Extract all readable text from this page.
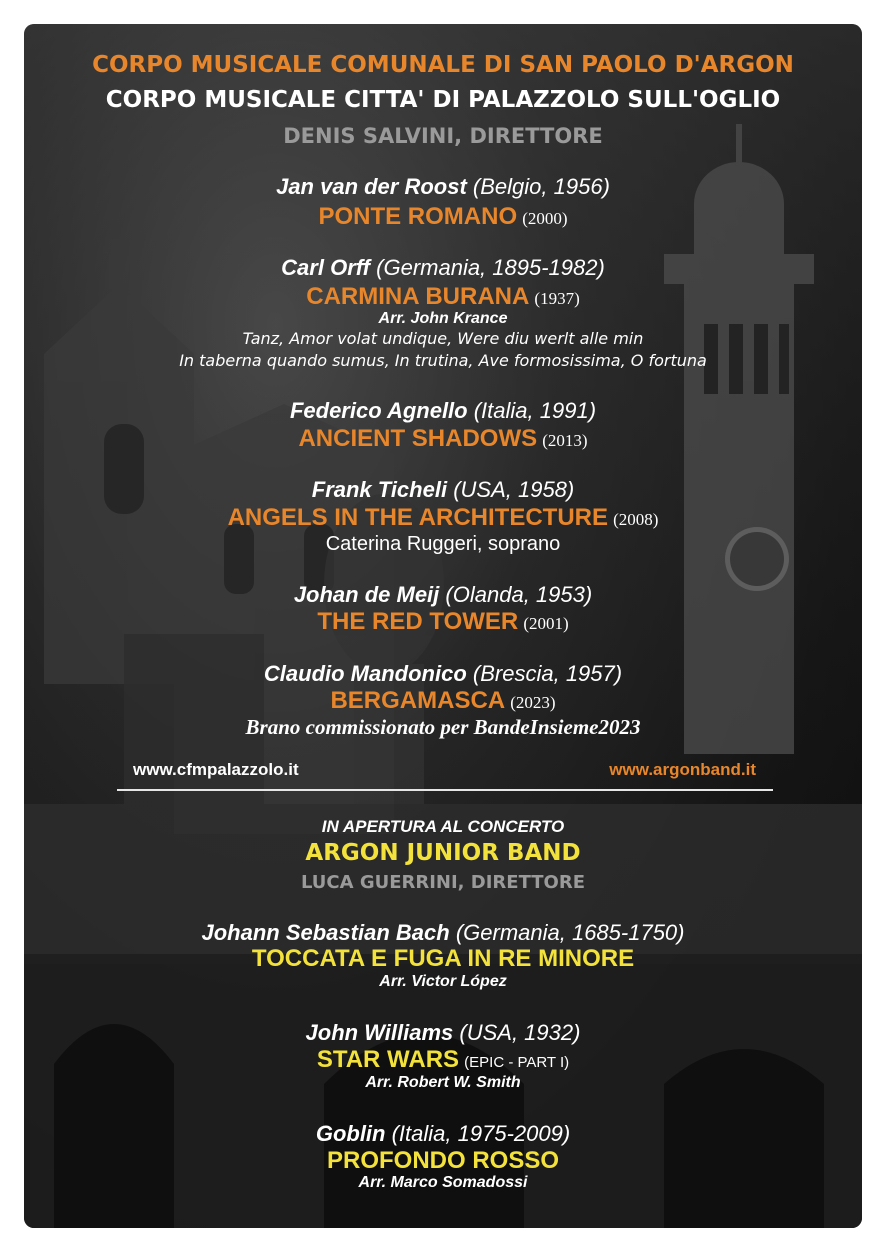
CORPO MUSICALE COMUNALE DI SAN PAOLO D'ARGON
CORPO MUSICALE CITTA' DI PALAZZOLO SULL'OGLIO
DENIS SALVINI, DIRETTORE
Jan van der Roost (Belgio, 1956)
PONTE ROMANO (2000)
Carl Orff (Germania, 1895-1982)
CARMINA BURANA (1937)
Arr. John Krance
Tanz, Amor volat undique, Were diu werlt alle min
In taberna quando sumus, In trutina, Ave formosissima, O fortuna
Federico Agnello (Italia, 1991)
ANCIENT SHADOWS (2013)
Frank Ticheli (USA, 1958)
ANGELS IN THE ARCHITECTURE (2008)
Caterina Ruggeri, soprano
Johan de Meij (Olanda, 1953)
THE RED TOWER (2001)
Claudio Mandonico (Brescia, 1957)
BERGAMASCA (2023)
Brano commissionato per BandeInsieme2023
www.cfmpalazzolo.it	www.argonband.it
IN APERTURA AL CONCERTO
ARGON JUNIOR BAND
LUCA GUERRINI, DIRETTORE
Johann Sebastian Bach (Germania, 1685-1750)
TOCCATA E FUGA IN RE MINORE
Arr. Victor López
John Williams (USA, 1932)
STAR WARS (EPIC - PART I)
Arr. Robert W. Smith
Goblin (Italia, 1975-2009)
PROFONDO ROSSO
Arr. Marco Somadossi
